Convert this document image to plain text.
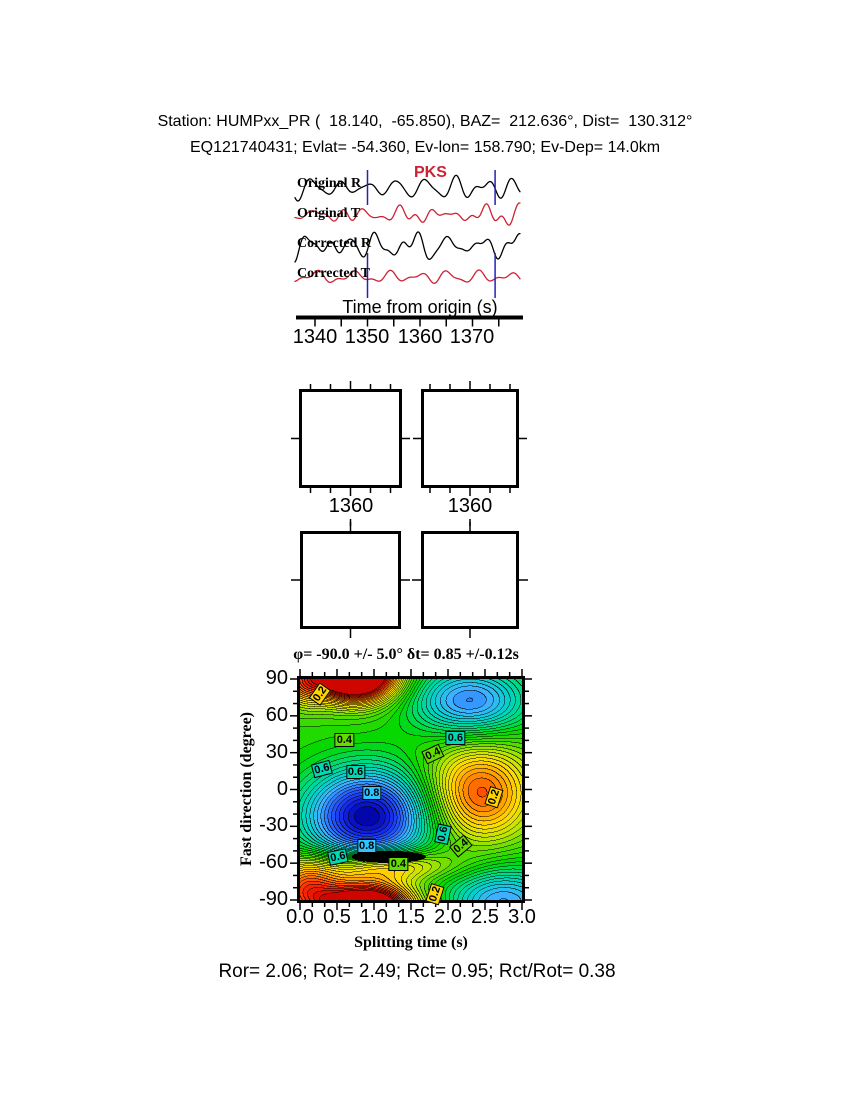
Station: HUMPxx_PR (  18.140,  -65.850), BAZ=  212.636°, Dist=  130.312°
EQ121740431; Evlat= -54.360, Ev-lon= 158.790; Ev-Dep= 14.0km
PKS
Original R
Original T
Corrected R
Corrected T
Time from origin (s)
1340 1350 1360 1370
1360	1360
φ= -90.0 +/- 5.0° δt= 0.85 +/-0.12s
0.2
0.4	0.6
0.4
0.6 0.6
0.8	0.2
0.6
0.4
0.8
0.6	0.4
0.2
90
60
30
0
-30
-60
-90
0.0 0.5 1.0 1.5 2.0 2.5 3.0
Fast direction (degree)
Splitting time (s)
Ror= 2.06; Rot= 2.49; Rct= 0.95; Rct/Rot= 0.38
